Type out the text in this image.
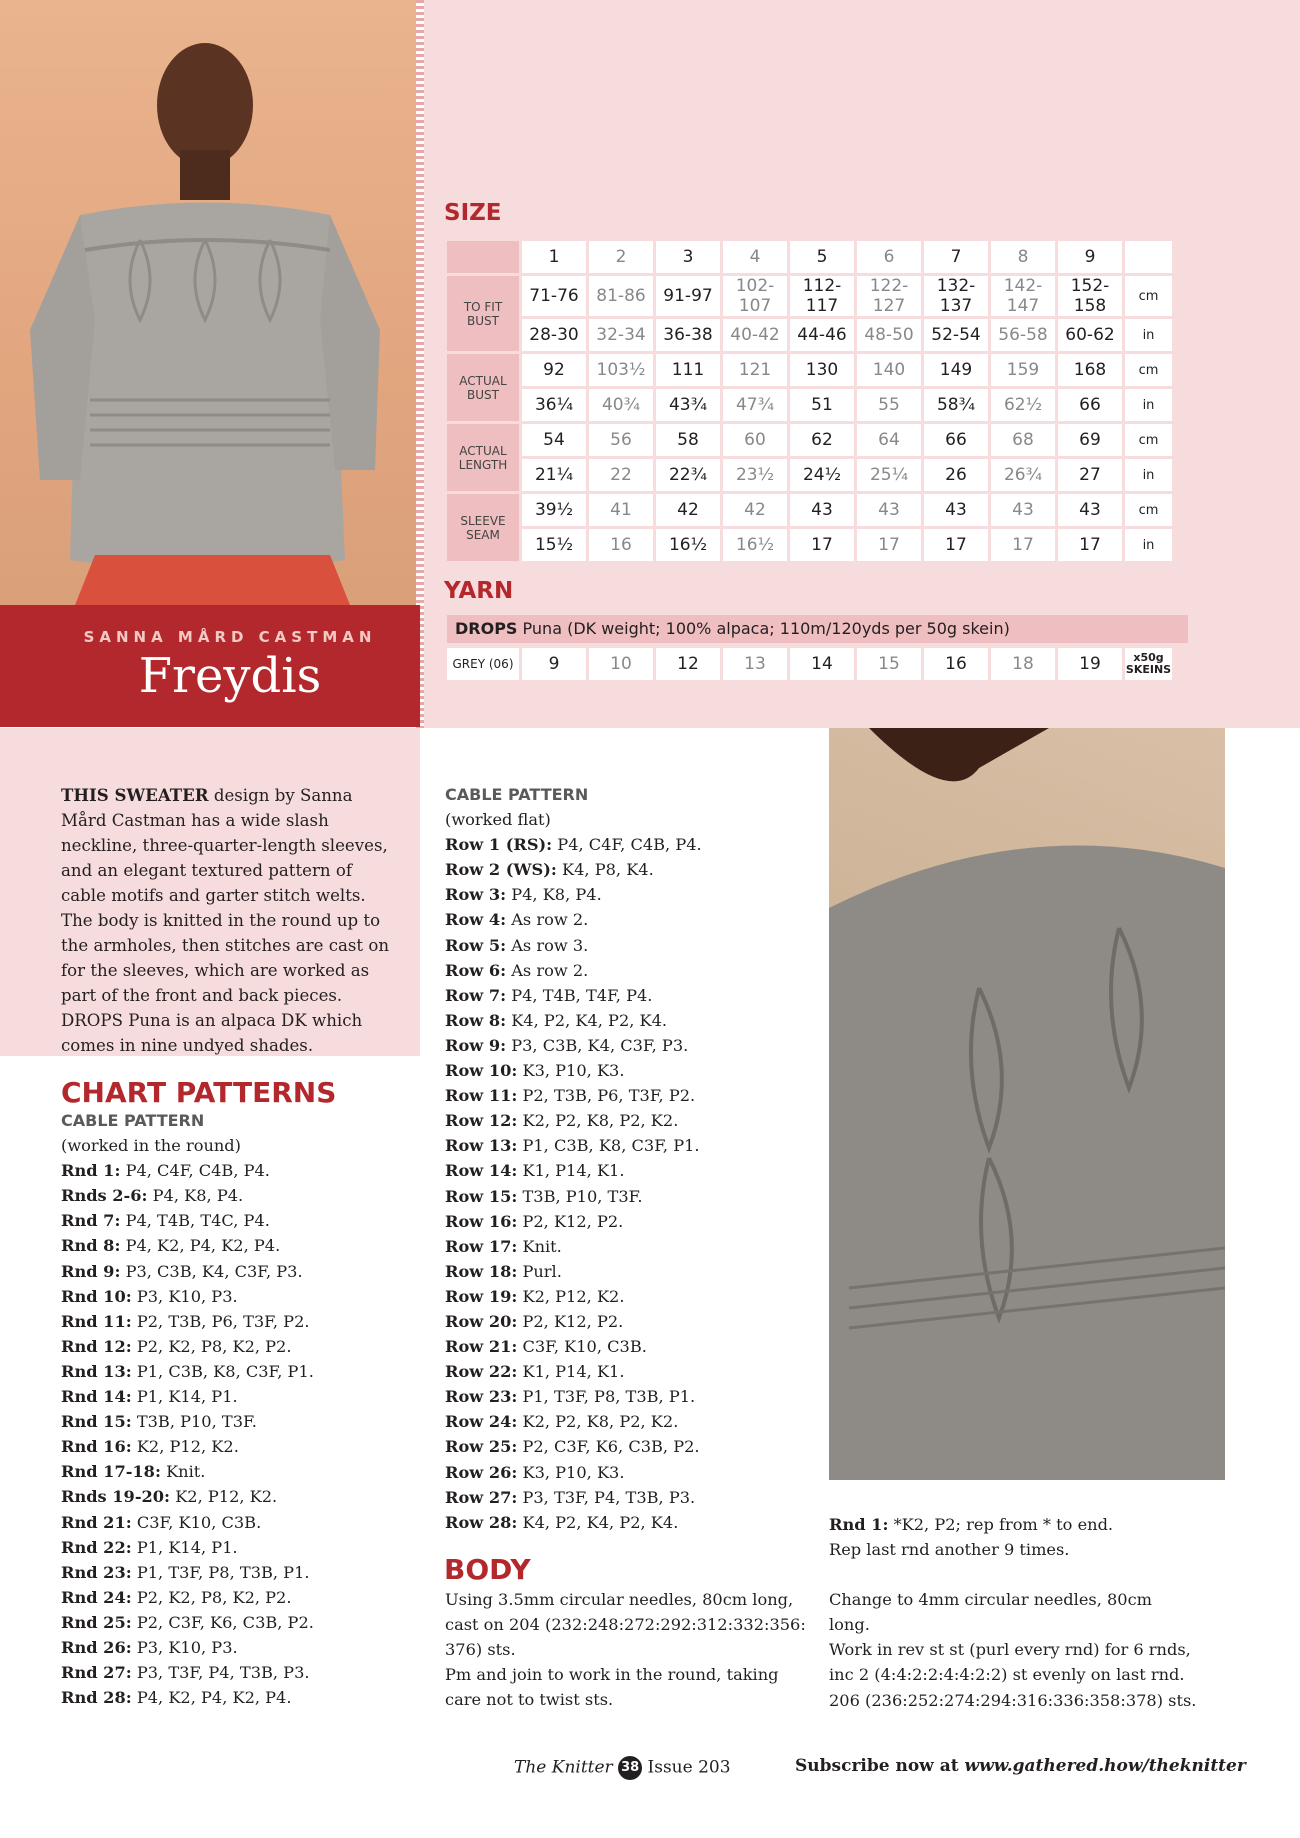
SANNA MÅRD CASTMAN
Freydis
THIS SWEATER design by Sanna Mård Castman has a wide slash neckline, three-quarter-length sleeves, and an elegant textured pattern of cable motifs and garter stitch welts. The body is knitted in the round up to the armholes, then stitches are cast on for the sleeves, which are worked as part of the front and back pieces. DROPS Puna is an alpaca DK which comes in nine undyed shades.
SIZE
	1	2	3	4	5	6	7	8	9	
TO FIT BUST	71-76	81-86	91-97	102-107	112-117	122-127	132-137	142-147	152-158	cm
	28-30	32-34	36-38	40-42	44-46	48-50	52-54	56-58	60-62	in
ACTUAL BUST	92	103½	111	121	130	140	149	159	168	cm
	36¼	40¾	43¾	47¾	51	55	58¾	62½	66	in
ACTUAL LENGTH	54	56	58	60	62	64	66	68	69	cm
	21¼	22	22¾	23½	24½	25¼	26	26¾	27	in
SLEEVE SEAM	39½	41	42	42	43	43	43	43	43	cm
	15½	16	16½	16½	17	17	17	17	17	in
YARN
DROPS Puna (DK weight; 100% alpaca; 110m/120yds per 50g skein)
GREY (06)	9	10	12	13	14	15	16	18	19	x50g SKEINS
CHART PATTERNS
CABLE PATTERN
(worked in the round)
Rnd 1: P4, C4F, C4B, P4.
Rnds 2-6: P4, K8, P4.
Rnd 7: P4, T4B, T4C, P4.
Rnd 8: P4, K2, P4, K2, P4.
Rnd 9: P3, C3B, K4, C3F, P3.
Rnd 10: P3, K10, P3.
Rnd 11: P2, T3B, P6, T3F, P2.
Rnd 12: P2, K2, P8, K2, P2.
Rnd 13: P1, C3B, K8, C3F, P1.
Rnd 14: P1, K14, P1.
Rnd 15: T3B, P10, T3F.
Rnd 16: K2, P12, K2.
Rnd 17-18: Knit.
Rnds 19-20: K2, P12, K2.
Rnd 21: C3F, K10, C3B.
Rnd 22: P1, K14, P1.
Rnd 23: P1, T3F, P8, T3B, P1.
Rnd 24: P2, K2, P8, K2, P2.
Rnd 25: P2, C3F, K6, C3B, P2.
Rnd 26: P3, K10, P3.
Rnd 27: P3, T3F, P4, T3B, P3.
Rnd 28: P4, K2, P4, K2, P4.
CABLE PATTERN
(worked flat)
Row 1 (RS): P4, C4F, C4B, P4.
Row 2 (WS): K4, P8, K4.
Row 3: P4, K8, P4.
Row 4: As row 2.
Row 5: As row 3.
Row 6: As row 2.
Row 7: P4, T4B, T4F, P4.
Row 8: K4, P2, K4, P2, K4.
Row 9: P3, C3B, K4, C3F, P3.
Row 10: K3, P10, K3.
Row 11: P2, T3B, P6, T3F, P2.
Row 12: K2, P2, K8, P2, K2.
Row 13: P1, C3B, K8, C3F, P1.
Row 14: K1, P14, K1.
Row 15: T3B, P10, T3F.
Row 16: P2, K12, P2.
Row 17: Knit.
Row 18: Purl.
Row 19: K2, P12, K2.
Row 20: P2, K12, P2.
Row 21: C3F, K10, C3B.
Row 22: K1, P14, K1.
Row 23: P1, T3F, P8, T3B, P1.
Row 24: K2, P2, K8, P2, K2.
Row 25: P2, C3F, K6, C3B, P2.
Row 26: K3, P10, K3.
Row 27: P3, T3F, P4, T3B, P3.
Row 28: K4, P2, K4, P2, K4.
BODY
Using 3.5mm circular needles, 80cm long,
cast on 204 (232:248:272:292:312:332:356:
376) sts.
Pm and join to work in the round, taking
care not to twist sts.
Rnd 1: *K2, P2; rep from * to end.
Rep last rnd another 9 times.
Change to 4mm circular needles, 80cm
long.
Work in rev st st (purl every rnd) for 6 rnds,
inc 2 (4:4:2:2:4:4:2:2) st evenly on last rnd.
206 (236:252:274:294:316:336:358:378) sts.
The Knitter 38 Issue 203	Subscribe now at www.gathered.how/theknitter
